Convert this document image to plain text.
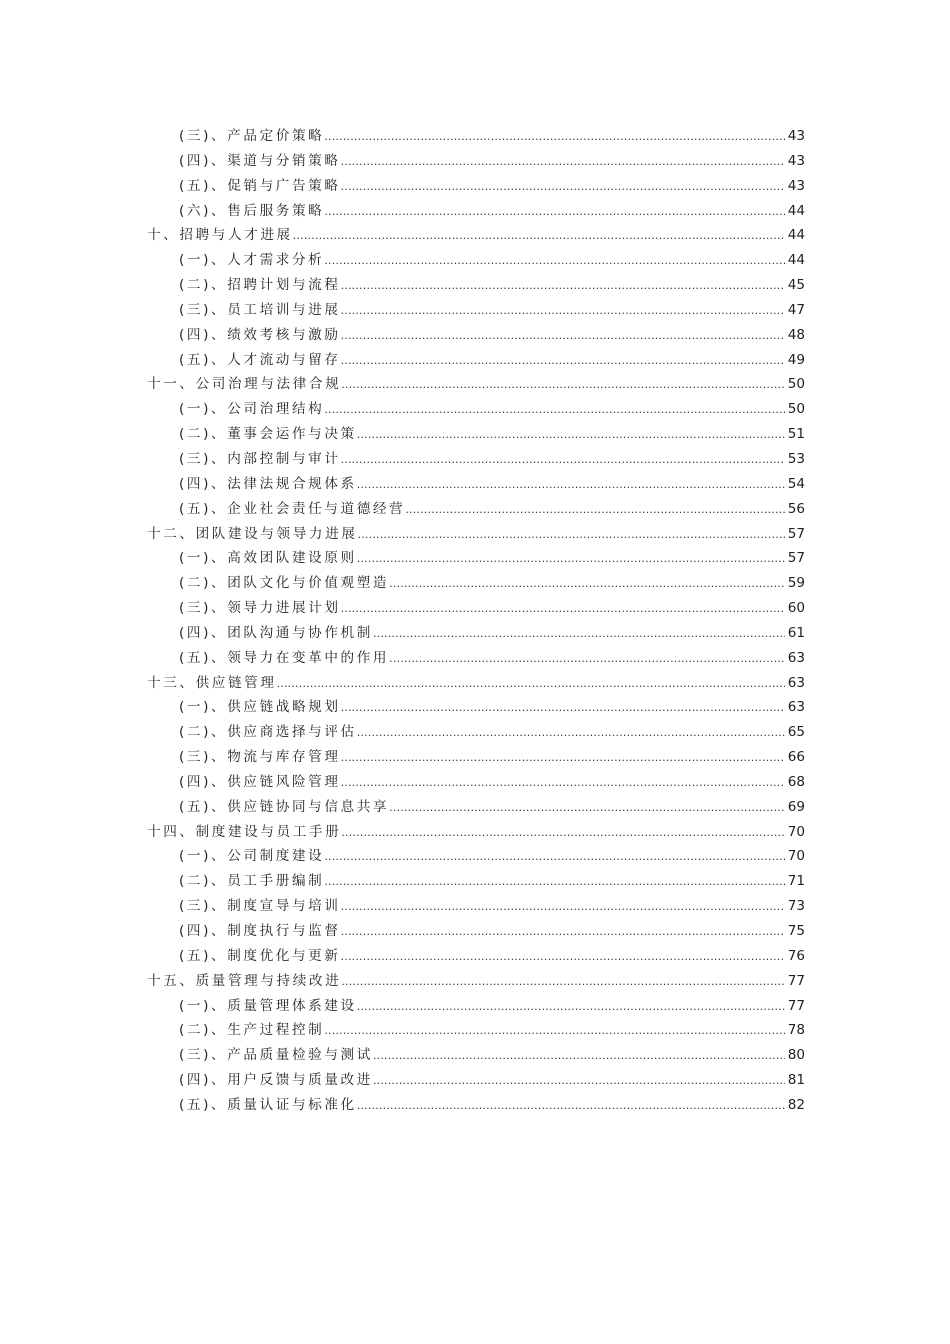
(三)、产品定价策略 .....	43
(四)、渠道与分销策略 .....	43
(五)、促销与广告策略 .....	43
(六)、售后服务策略 .....	44
十、招聘与人才进展 .....	44
(一)、人才需求分析 .....	44
(二)、招聘计划与流程 .....	45
(三)、员工培训与进展 .....	47
(四)、绩效考核与激励 .....	48
(五)、人才流动与留存 .....	49
十一、公司治理与法律合规 .....	50
(一)、公司治理结构 .....	50
(二)、董事会运作与决策 .....	51
(三)、内部控制与审计 .....	53
(四)、法律法规合规体系 .....	54
(五)、企业社会责任与道德经营 .....	56
十二、团队建设与领导力进展 .....	57
(一)、高效团队建设原则 .....	57
(二)、团队文化与价值观塑造 .....	59
(三)、领导力进展计划 .....	60
(四)、团队沟通与协作机制 .....	61
(五)、领导力在变革中的作用 .....	63
十三、供应链管理 .....	63
(一)、供应链战略规划 .....	63
(二)、供应商选择与评估 .....	65
(三)、物流与库存管理 .....	66
(四)、供应链风险管理 .....	68
(五)、供应链协同与信息共享 .....	69
十四、制度建设与员工手册 .....	70
(一)、公司制度建设 .....	70
(二)、员工手册编制 .....	71
(三)、制度宣导与培训 .....	73
(四)、制度执行与监督 .....	75
(五)、制度优化与更新 .....	76
十五、质量管理与持续改进 .....	77
(一)、质量管理体系建设 .....	77
(二)、生产过程控制 .....	78
(三)、产品质量检验与测试 .....	80
(四)、用户反馈与质量改进 .....	81
(五)、质量认证与标准化 .....	82
